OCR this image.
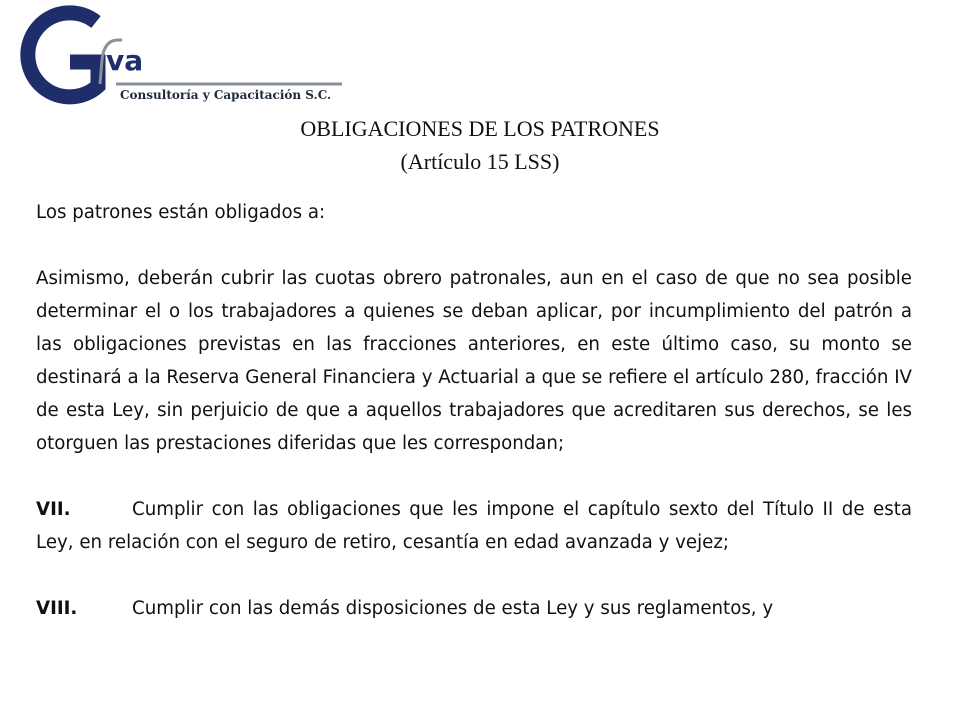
va
Consultoría y Capacitación S.C.
OBLIGACIONES DE LOS PATRONES
(Artículo 15 LSS)

Los patrones están obligados a:

Asimismo, deberán cubrir las cuotas obrero patronales, aun en el caso de que no sea posible determinar el o los trabajadores a quienes se deban aplicar, por incumplimiento del patrón a las obligaciones previstas en las fracciones anteriores, en este último caso, su monto se destinará a la Reserva General Financiera y Actuarial a que se refiere el artículo 280, fracción IV de esta Ley, sin perjuicio de que a aquellos trabajadores que acreditaren sus derechos, se les otorguen las prestaciones diferidas que les correspondan;

VII.	Cumplir con las obligaciones que les impone el capítulo sexto del Título II de esta Ley, en relación con el seguro de retiro, cesantía en edad avanzada y vejez;

VIII.	Cumplir con las demás disposiciones de esta Ley y sus reglamentos, y
